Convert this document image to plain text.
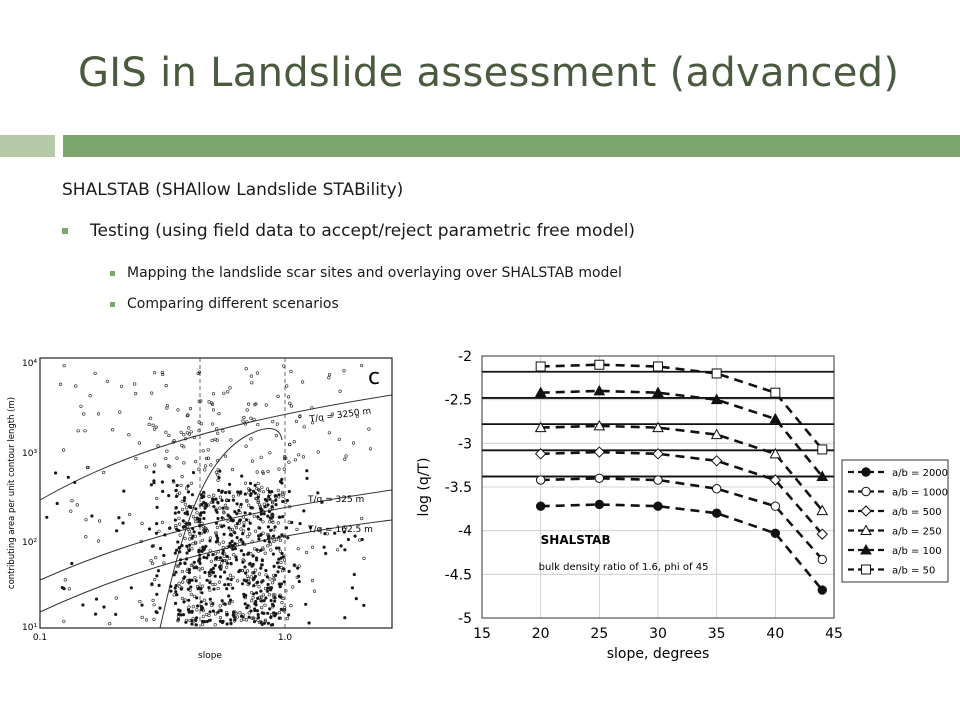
GIS in Landslide assessment (advanced)
SHALSTAB (SHAllow Landslide STABility)
Testing (using field data to accept/reject parametric free model)
Mapping the landslide scar sites and overlaying over SHALSTAB model
Comparing different scenarios
c
T/q = 3250 m
T/q = 325 m
T/q = 162.5 m
10⁴
10³
10²
10¹
0.1	1.0
slope
contributing area per unit contour length (m)
15	20	25	30	35	40	45
-2
-2.5
-3
-3.5
-4
-4.5
-5
SHALSTAB
bulk density ratio of 1.6, phi of 45
slope, degrees
log (q/T)	a/b = 2000
a/b = 1000
a/b = 500
a/b = 250
a/b = 100
a/b = 50
